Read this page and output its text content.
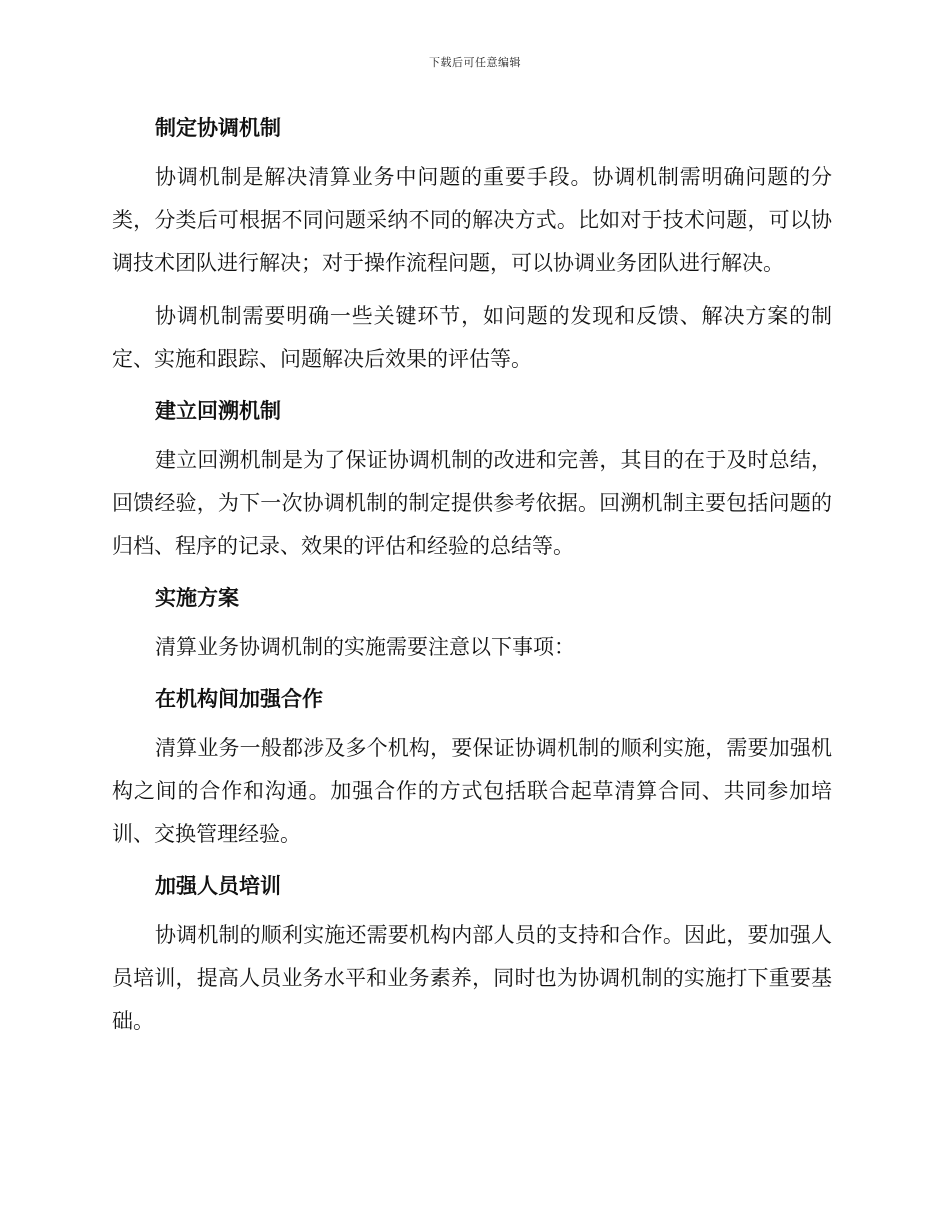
下载后可任意编辑
制定协调机制

协调机制是解决清算业务中问题的重要手段。协调机制需明确问题的分类，分类后可根据不同问题采纳不同的解决方式。比如对于技术问题，可以协调技术团队进行解决；对于操作流程问题，可以协调业务团队进行解决。

协调机制需要明确一些关键环节，如问题的发现和反馈、解决方案的制定、实施和跟踪、问题解决后效果的评估等。

建立回溯机制

建立回溯机制是为了保证协调机制的改进和完善，其目的在于及时总结，回馈经验，为下一次协调机制的制定提供参考依据。回溯机制主要包括问题的归档、程序的记录、效果的评估和经验的总结等。

实施方案

清算业务协调机制的实施需要注意以下事项：

在机构间加强合作

清算业务一般都涉及多个机构，要保证协调机制的顺利实施，需要加强机构之间的合作和沟通。加强合作的方式包括联合起草清算合同、共同参加培训、交换管理经验。

加强人员培训

协调机制的顺利实施还需要机构内部人员的支持和合作。因此，要加强人员培训，提高人员业务水平和业务素养，同时也为协调机制的实施打下重要基础。
